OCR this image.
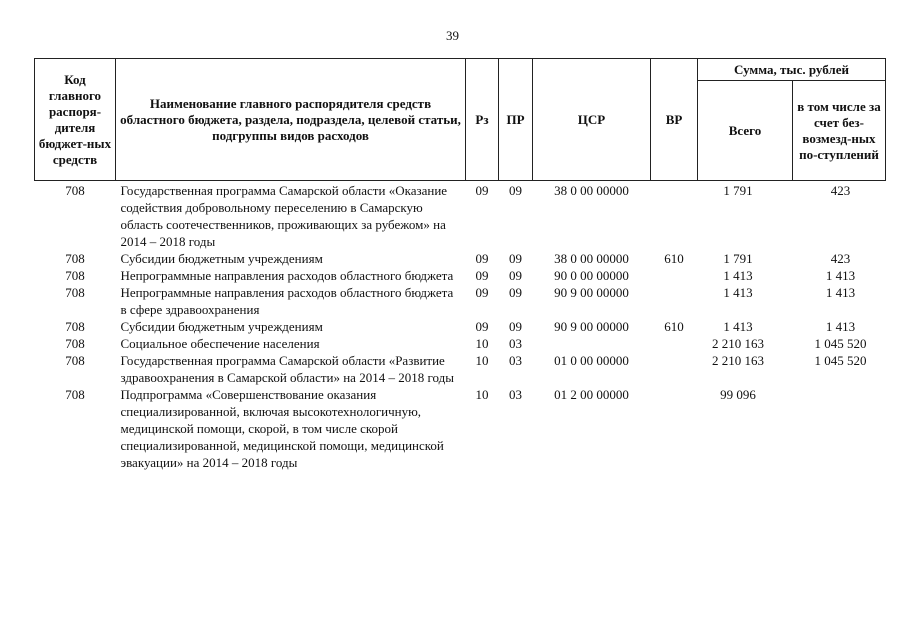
39
Код главного распоря-дителя бюджет-ных средств	Наименование главного распорядителя средств областного бюджета, раздела, подраздела, целевой статьи, подгруппы видов расходов	Рз	ПР	ЦСР	ВР	Сумма, тыс. рублей	
						Всего	в том числе за счет без-возмезд-ных по-ступлений
708	Государственная программа Самарской области «Оказание содействия добровольному переселению в Самарскую область соотечественников, проживающих за рубежом» на 2014 – 2018 годы	09	09	38 0 00 00000		1 791	423
708	Субсидии бюджетным учреждениям	09	09	38 0 00 00000	610	1 791	423
708	Непрограммные направления расходов областного бюджета	09	09	90 0 00 00000		1 413	1 413
708	Непрограммные направления расходов областного бюджета в сфере здравоохранения	09	09	90 9 00 00000		1 413	1 413
708	Субсидии бюджетным учреждениям	09	09	90 9 00 00000	610	1 413	1 413
708	Социальное обеспечение населения	10	03			2 210 163	1 045 520
708	Государственная программа Самарской области «Развитие здравоохранения в Самарской области» на 2014 – 2018 годы	10	03	01 0 00 00000		2 210 163	1 045 520
708	Подпрограмма «Совершенствование оказания специализированной, включая высокотехнологичную, медицинской помощи, скорой, в том числе скорой специализированной, медицинской помощи, медицинской эвакуации» на 2014 – 2018 годы	10	03	01 2 00 00000		99 096	
